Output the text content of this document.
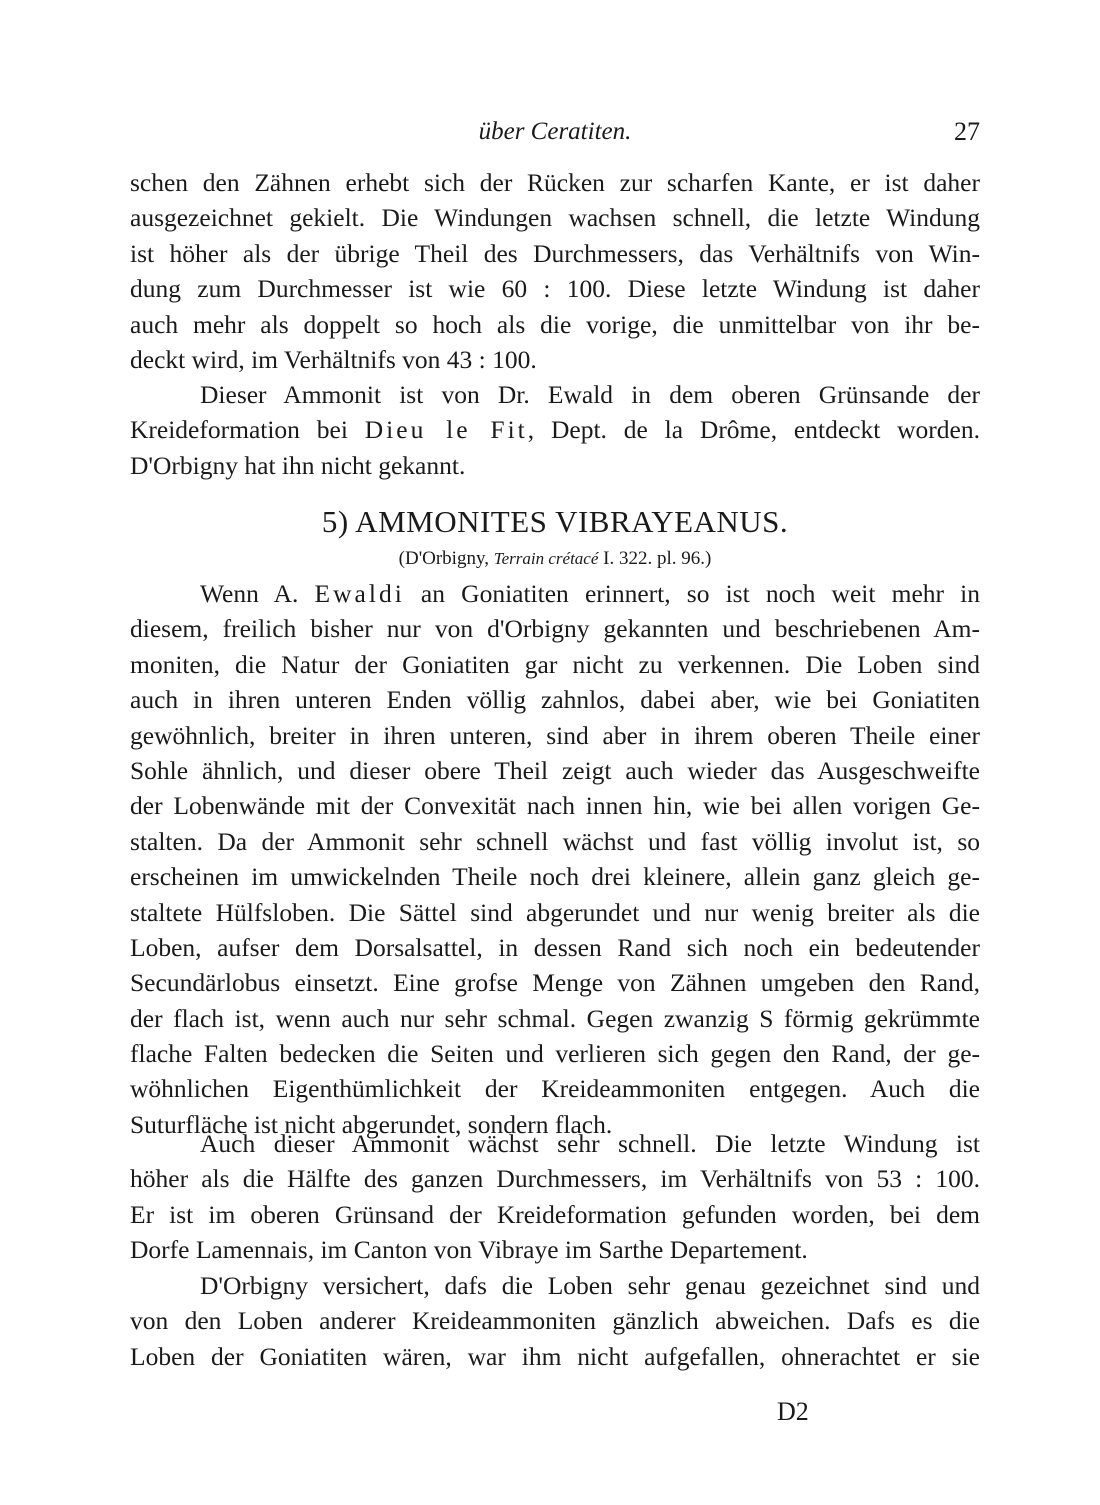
über Ceratiten.	27
schen den Zähnen erhebt sich der Rücken zur scharfen Kante, er ist daher
ausgezeichnet gekielt. Die Windungen wachsen schnell, die letzte Windung
ist höher als der übrige Theil des Durchmessers, das Verhältnifs von Win-
dung zum Durchmesser ist wie 60 : 100. Diese letzte Windung ist daher
auch mehr als doppelt so hoch als die vorige, die unmittelbar von ihr be-
deckt wird, im Verhältnifs von 43 : 100.
Dieser Ammonit ist von Dr. Ewald in dem oberen Grünsande der
Kreideformation bei Dieu le Fit, Dept. de la Drôme, entdeckt worden.
D'Orbigny hat ihn nicht gekannt.
5) AMMONITES VIBRAYEANUS.
(D'Orbigny, Terrain crétacé I. 322. pl. 96.)
Wenn A. Ewaldi an Goniatiten erinnert, so ist noch weit mehr in
diesem, freilich bisher nur von d'Orbigny gekannten und beschriebenen Am-
moniten, die Natur der Goniatiten gar nicht zu verkennen. Die Loben sind
auch in ihren unteren Enden völlig zahnlos, dabei aber, wie bei Goniatiten
gewöhnlich, breiter in ihren unteren, sind aber in ihrem oberen Theile einer
Sohle ähnlich, und dieser obere Theil zeigt auch wieder das Ausgeschweifte
der Lobenwände mit der Convexität nach innen hin, wie bei allen vorigen Ge-
stalten. Da der Ammonit sehr schnell wächst und fast völlig involut ist, so
erscheinen im umwickelnden Theile noch drei kleinere, allein ganz gleich ge-
staltete Hülfsloben. Die Sättel sind abgerundet und nur wenig breiter als die
Loben, aufser dem Dorsalsattel, in dessen Rand sich noch ein bedeutender
Secundärlobus einsetzt. Eine grofse Menge von Zähnen umgeben den Rand,
der flach ist, wenn auch nur sehr schmal. Gegen zwanzig S förmig gekrümmte
flache Falten bedecken die Seiten und verlieren sich gegen den Rand, der ge-
wöhnlichen Eigenthümlichkeit der Kreideammoniten entgegen. Auch die
Suturfläche ist nicht abgerundet, sondern flach.
Auch dieser Ammonit wächst sehr schnell. Die letzte Windung ist
höher als die Hälfte des ganzen Durchmessers, im Verhältnifs von 53 : 100.
Er ist im oberen Grünsand der Kreideformation gefunden worden, bei dem
Dorfe Lamennais, im Canton von Vibraye im Sarthe Departement.
D'Orbigny versichert, dafs die Loben sehr genau gezeichnet sind und
von den Loben anderer Kreideammoniten gänzlich abweichen. Dafs es die
Loben der Goniatiten wären, war ihm nicht aufgefallen, ohnerachtet er sie
D2
